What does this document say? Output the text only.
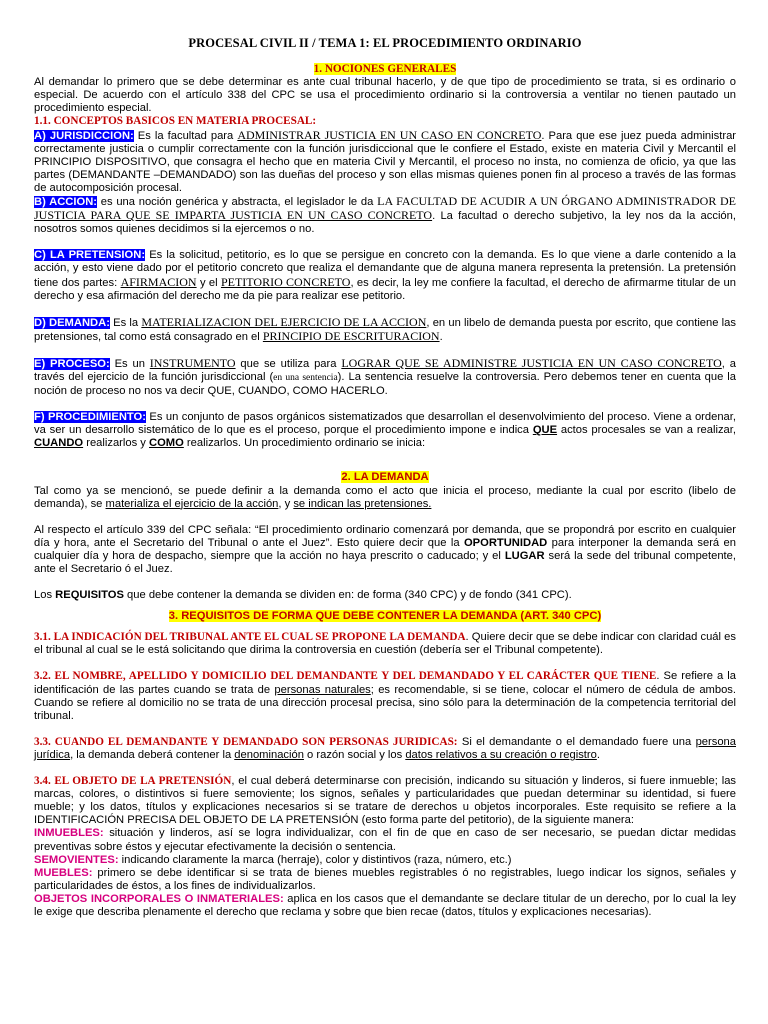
PROCESAL CIVIL II / TEMA 1: EL PROCEDIMIENTO ORDINARIO

1. NOCIONES GENERALES

Al demandar lo primero que se debe determinar es ante cual tribunal hacerlo, y de que tipo de procedimiento se trata, si es ordinario o especial. De acuerdo con el artículo 338 del CPC se usa el procedimiento ordinario si la controversia a ventilar no tienen pautado un procedimiento especial.

1.1. CONCEPTOS BASICOS EN MATERIA PROCESAL:

A) JURISDICCION: Es la facultad para ADMINISTRAR JUSTICIA EN UN CASO EN CONCRETO. Para que ese juez pueda administrar correctamente justicia o cumplir correctamente con la función jurisdiccional que le confiere el Estado, existe en materia Civil y Mercantil el PRINCIPIO DISPOSITIVO, que consagra el hecho que en materia Civil y Mercantil, el proceso no insta, no comienza de oficio, ya que las partes (DEMANDANTE –DEMANDADO) son las dueñas del proceso y son ellas mismas quienes ponen fin al proceso a través de las formas de autocomposición procesal.

B) ACCION: es una noción genérica y abstracta, el legislador le da LA FACULTAD DE ACUDIR A UN ÓRGANO ADMINISTRADOR DE JUSTICIA PARA QUE SE IMPARTA JUSTICIA EN UN CASO CONCRETO. La facultad o derecho subjetivo, la ley nos da la acción, nosotros somos quienes decidimos si la ejercemos o no.

C) LA PRETENSION: Es la solicitud, petitorio, es lo que se persigue en concreto con la demanda. Es lo que viene a darle contenido a la acción, y esto viene dado por el petitorio concreto que realiza el demandante que de alguna manera representa la pretensión. La pretensión tiene dos partes: AFIRMACION y el PETITORIO CONCRETO, es decir, la ley me confiere la facultad, el derecho de afirmarme titular de un derecho y esa afirmación del derecho me da pie para realizar ese petitorio.

D) DEMANDA: Es la MATERIALIZACION DEL EJERCICIO DE LA ACCION, en un libelo de demanda puesta por escrito, que contiene las pretensiones, tal como está consagrado en el PRINCIPIO DE ESCRITURACION.

E) PROCESO: Es un INSTRUMENTO que se utiliza para LOGRAR QUE SE ADMINISTRE JUSTICIA EN UN CASO CONCRETO, a través del ejercicio de la función jurisdiccional (en una sentencia). La sentencia resuelve la controversia. Pero debemos tener en cuenta que la noción de proceso no nos va decir QUE, CUANDO, COMO HACERLO.

F) PROCEDIMIENTO: Es un conjunto de pasos orgánicos sistematizados que desarrollan el desenvolvimiento del proceso. Viene a ordenar, va ser un desarrollo sistemático de lo que es el proceso, porque el procedimiento impone e indica QUE actos procesales se van a realizar, CUANDO realizarlos y COMO realizarlos. Un procedimiento ordinario se inicia:

2. LA DEMANDA

Tal como ya se mencionó, se puede definir a la demanda como el acto que inicia el proceso, mediante la cual por escrito (libelo de demanda), se materializa el ejercicio de la acción, y se indican las pretensiones.

Al respecto el artículo 339 del CPC señala: “El procedimiento ordinario comenzará por demanda, que se propondrá por escrito en cualquier día y hora, ante el Secretario del Tribunal o ante el Juez”. Esto quiere decir que la OPORTUNIDAD para interponer la demanda será en cualquier día y hora de despacho, siempre que la acción no haya prescrito o caducado; y el LUGAR será la sede del tribunal competente, ante el Secretario ó el Juez.

Los REQUISITOS que debe contener la demanda se dividen en: de forma (340 CPC) y de fondo (341 CPC).

3. REQUISITOS DE FORMA QUE DEBE CONTENER LA DEMANDA (ART. 340 CPC)

3.1. LA INDICACIÓN DEL TRIBUNAL ANTE EL CUAL SE PROPONE LA DEMANDA. Quiere decir que se debe indicar con claridad cuál es el tribunal al cual se le está solicitando que dirima la controversia en cuestión (debería ser el Tribunal competente).

3.2. EL NOMBRE, APELLIDO Y DOMICILIO DEL DEMANDANTE Y DEL DEMANDADO Y EL CARÁCTER QUE TIENE. Se refiere a la identificación de las partes cuando se trata de personas naturales; es recomendable, si se tiene, colocar el número de cédula de ambos. Cuando se refiere al domicilio no se trata de una dirección procesal precisa, sino sólo para la determinación de la competencia territorial del tribunal.

3.3. CUANDO EL DEMANDANTE Y DEMANDADO SON PERSONAS JURIDICAS: Si el demandante o el demandado fuere una persona jurídica, la demanda deberá contener la denominación o razón social y los datos relativos a su creación o registro.

3.4. EL OBJETO DE LA PRETENSIÓN, el cual deberá determinarse con precisión, indicando su situación y linderos, si fuere inmueble; las marcas, colores, o distintivos si fuere semoviente; los signos, señales y particularidades que puedan determinar su identidad, si fuere mueble; y los datos, títulos y explicaciones necesarios si se tratare de derechos u objetos incorporales. Este requisito se refiere a la IDENTIFICACIÓN PRECISA DEL OBJETO DE LA PRETENSIÓN (esto forma parte del petitorio), de la siguiente manera:

INMUEBLES: situación y linderos, así se logra individualizar, con el fin de que en caso de ser necesario, se puedan dictar medidas preventivas sobre éstos y ejecutar efectivamente la decisión o sentencia.

SEMOVIENTES: indicando claramente la marca (herraje), color y distintivos (raza, número, etc.)

MUEBLES: primero se debe identificar si se trata de bienes muebles registrables ó no registrables, luego indicar los signos, señales y particularidades de éstos, a los fines de individualizarlos.

OBJETOS INCORPORALES O INMATERIALES: aplica en los casos que el demandante se declare titular de un derecho, por lo cual la ley le exige que describa plenamente el derecho que reclama y sobre que bien recae (datos, títulos y explicaciones necesarias).
